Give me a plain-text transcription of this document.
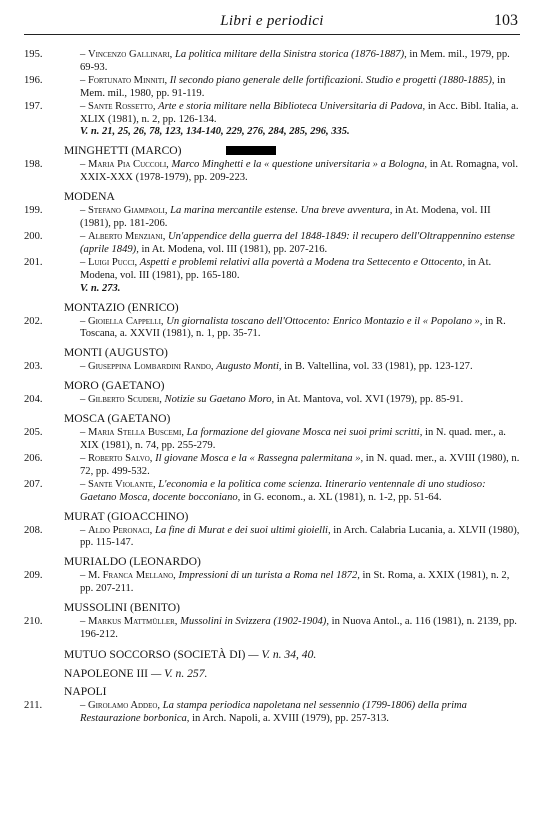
Libri e periodici	103
195.	– Vincenzo Gallinari, La politica militare della Sinistra storica (1876-1887), in Mem. mil., 1979, pp. 69-93.
196.	– Fortunato Minniti, Il secondo piano generale delle fortificazioni. Studio e progetti (1880-1885), in Mem. mil., 1980, pp. 91-119.
197.	– Sante Rossetto, Arte e storia militare nella Biblioteca Universitaria di Padova, in Acc. Bibl. Italia, a. XLIX (1981), n. 2, pp. 126-134.
V. n. 21, 25, 26, 78, 123, 134-140, 229, 276, 284, 285, 296, 335.
MINGHETTI (MARCO)
198.	– Maria Pia Cuccoli, Marco Minghetti e la « questione universitaria » a Bologna, in At. Romagna, vol. XXIX-XXX (1978-1979), pp. 209-223.
MODENA
199.	– Stefano Giampaoli, La marina mercantile estense. Una breve avventura, in At. Modena, vol. III (1981), pp. 181-206.
200.	– Alberto Menziani, Un'appendice della guerra del 1848-1849: il recupero dell'Oltrappennino estense (aprile 1849), in At. Modena, vol. III (1981), pp. 207-216.
201.	– Luigi Pucci, Aspetti e problemi relativi alla povertà a Modena tra Settecento e Ottocento, in At. Modena, vol. III (1981), pp. 165-180.
V. n. 273.
MONTAZIO (ENRICO)
202.	– Gioiella Cappelli, Un giornalista toscano dell'Ottocento: Enrico Montazio e il « Popolano », in R. Toscana, a. XXVII (1981), n. 1, pp. 35-71.
MONTI (AUGUSTO)
203.	– Giuseppina Lombardini Rando, Augusto Monti, in B. Valtellina, vol. 33 (1981), pp. 123-127.
MORO (GAETANO)
204.	– Gilberto Scuderi, Notizie su Gaetano Moro, in At. Mantova, vol. XVI (1979), pp. 85-91.
MOSCA (GAETANO)
205.	– Maria Stella Buscemi, La formazione del giovane Mosca nei suoi primi scritti, in N. quad. mer., a. XIX (1981), n. 74, pp. 255-279.
206.	– Roberto Salvo, Il giovane Mosca e la « Rassegna palermitana », in N. quad. mer., a. XVIII (1980), n. 72, pp. 499-532.
207.	– Sante Violante, L'economia e la politica come scienza. Itinerario ventennale di uno studioso: Gaetano Mosca, docente bocconiano, in G. econom., a. XL (1981), n. 1-2, pp. 51-64.
MURAT (GIOACCHINO)
208.	– Aldo Peronaci, La fine di Murat e dei suoi ultimi gioielli, in Arch. Calabria Lucania, a. XLVII (1980), pp. 115-147.
MURIALDO (LEONARDO)
209.	– M. Franca Mellano, Impressioni di un turista a Roma nel 1872, in St. Roma, a. XXIX (1981), n. 2, pp. 207-211.
MUSSOLINI (BENITO)
210.	– Markus Mattmüller, Mussolini in Svizzera (1902-1904), in Nuova Antol., a. 116 (1981), n. 2139, pp. 196-212.
MUTUO SOCCORSO (SOCIETÀ DI) — V. n. 34, 40.
NAPOLEONE III — V. n. 257.
NAPOLI
211.	– Girolamo Addeo, La stampa periodica napoletana nel sessennio (1799-1806) della prima Restaurazione borbonica, in Arch. Napoli, a. XVIII (1979), pp. 257-313.
